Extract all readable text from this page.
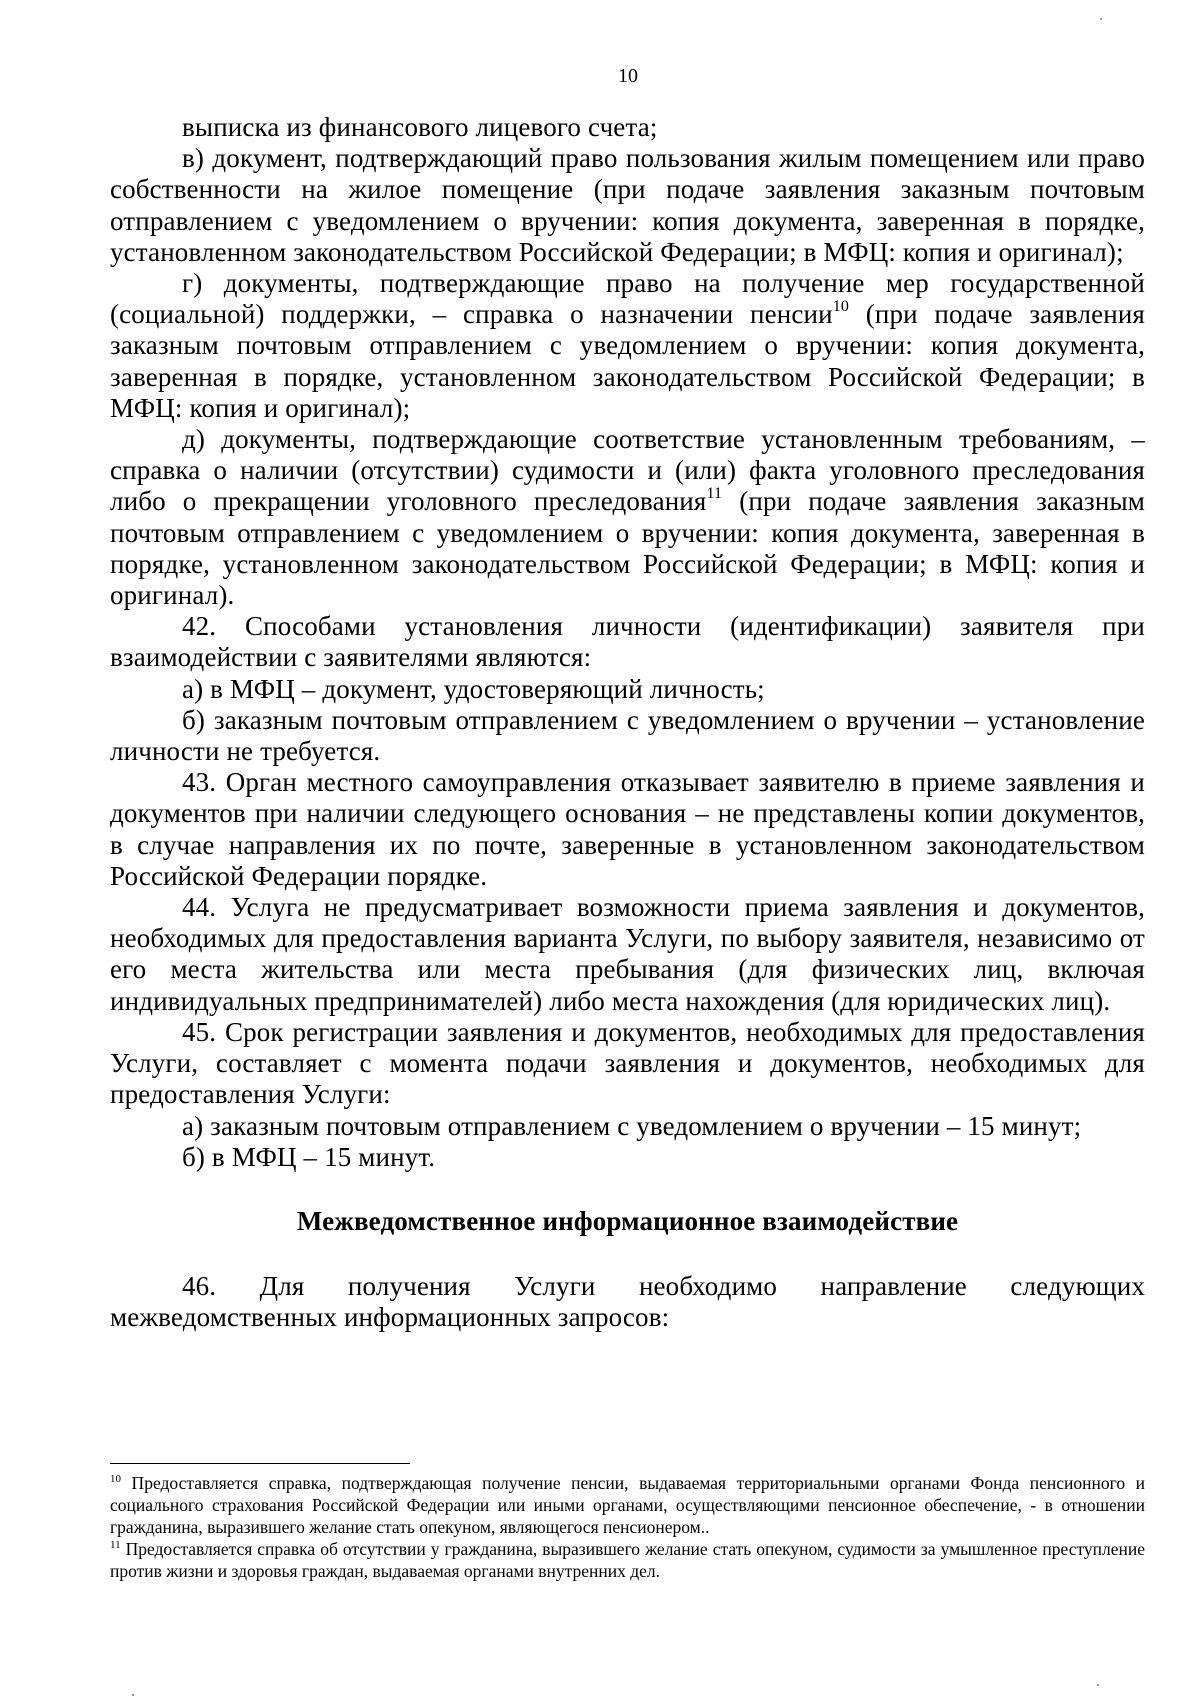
10

выписка из финансового лицевого счета;

в) документ, подтверждающий право пользования жилым помещением или право собственности на жилое помещение (при подаче заявления заказным почтовым отправлением с уведомлением о вручении: копия документа, заверенная в порядке, установленном законодательством Российской Федерации; в МФЦ: копия и оригинал);

г) документы, подтверждающие право на получение мер государственной (социальной) поддержки, – справка о назначении пенсии$^{10}$ (при подаче заявления заказным почтовым отправлением с уведомлением о вручении: копия документа, заверенная в порядке, установленном законодательством Российской Федерации; в МФЦ: копия и оригинал);

д) документы, подтверждающие соответствие установленным требованиям, – справка о наличии (отсутствии) судимости и (или) факта уголовного преследования либо о прекращении уголовного преследования$^{11}$ (при подаче заявления заказным почтовым отправлением с уведомлением о вручении: копия документа, заверенная в порядке, установленном законодательством Российской Федерации; в МФЦ: копия и оригинал).

42. Способами установления личности (идентификации) заявителя при взаимодействии с заявителями являются:

а) в МФЦ – документ, удостоверяющий личность;

б) заказным почтовым отправлением с уведомлением о вручении – установление личности не требуется.

43. Орган местного самоуправления отказывает заявителю в приеме заявления и документов при наличии следующего основания – не представлены копии документов, в случае направления их по почте, заверенные в установленном законодательством Российской Федерации порядке.

44. Услуга не предусматривает возможности приема заявления и документов, необходимых для предоставления варианта Услуги, по выбору заявителя, независимо от его места жительства или места пребывания (для физических лиц, включая индивидуальных предпринимателей) либо места нахождения (для юридических лиц).

45. Срок регистрации заявления и документов, необходимых для предоставления Услуги, составляет с момента подачи заявления и документов, необходимых для предоставления Услуги:

а) заказным почтовым отправлением с уведомлением о вручении – 15 минут;

б) в МФЦ – 15 минут.

Межведомственное информационное взаимодействие

46. Для получения Услуги необходимо направление следующих межведомственных информационных запросов:

$^{10}$ Предоставляется справка, подтверждающая получение пенсии, выдаваемая территориальными органами Фонда пенсионного и социального страхования Российской Федерации или иными органами, осуществляющими пенсионное обеспечение, - в отношении гражданина, выразившего желание стать опекуном, являющегося пенсионером..

$^{11}$ Предоставляется справка об отсутствии у гражданина, выразившего желание стать опекуном, судимости за умышленное преступление против жизни и здоровья граждан, выдаваемая органами внутренних дел.
